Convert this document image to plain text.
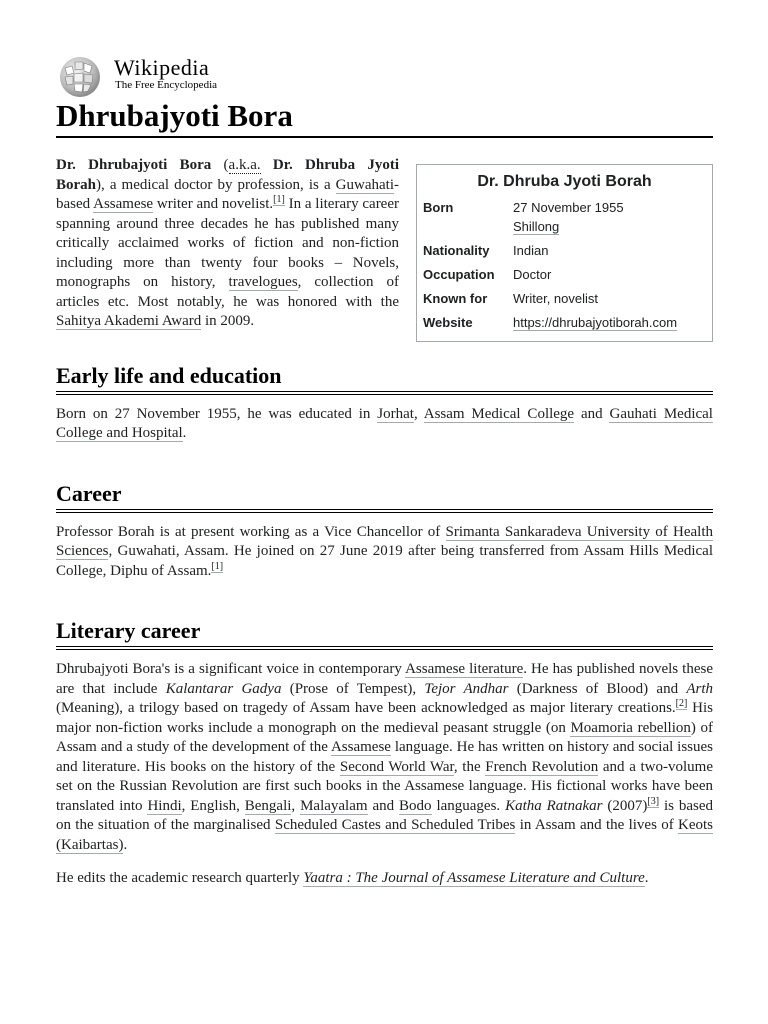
Wikipedia
The Free Encyclopedia
Dhrubajyoti Bora
Dr. Dhruba Jyoti Borah
Born	27 November 1955
Shillong
Nationality	Indian
Occupation	Doctor
Known for	Writer, novelist
Website	https://dhrubajyotiborah.com

Dr. Dhrubajyoti Bora (a.k.a. Dr. Dhruba Jyoti Borah), a medical doctor by profession, is a Guwahati-based Assamese writer and novelist.[1] In a literary career spanning around three decades he has published many critically acclaimed works of fiction and non-fiction including more than twenty four books – Novels, monographs on history, travelogues, collection of articles etc. Most notably, he was honored with the Sahitya Akademi Award in 2009.

Early life and education

Born on 27 November 1955, he was educated in Jorhat, Assam Medical College and Gauhati Medical College and Hospital.

Career

Professor Borah is at present working as a Vice Chancellor of Srimanta Sankaradeva University of Health Sciences, Guwahati, Assam. He joined on 27 June 2019 after being transferred from Assam Hills Medical College, Diphu of Assam.[1]

Literary career

Dhrubajyoti Bora's is a significant voice in contemporary Assamese literature. He has published novels these are that include Kalantarar Gadya (Prose of Tempest), Tejor Andhar (Darkness of Blood) and Arth (Meaning), a trilogy based on tragedy of Assam have been acknowledged as major literary creations.[2] His major non-fiction works include a monograph on the medieval peasant struggle (on Moamoria rebellion) of Assam and a study of the development of the Assamese language. He has written on history and social issues and literature. His books on the history of the Second World War, the French Revolution and a two-volume set on the Russian Revolution are first such books in the Assamese language. His fictional works have been translated into Hindi, English, Bengali, Malayalam and Bodo languages. Katha Ratnakar (2007)[3] is based on the situation of the marginalised Scheduled Castes and Scheduled Tribes in Assam and the lives of Keots (Kaibartas).

He edits the academic research quarterly Yaatra : The Journal of Assamese Literature and Culture.
